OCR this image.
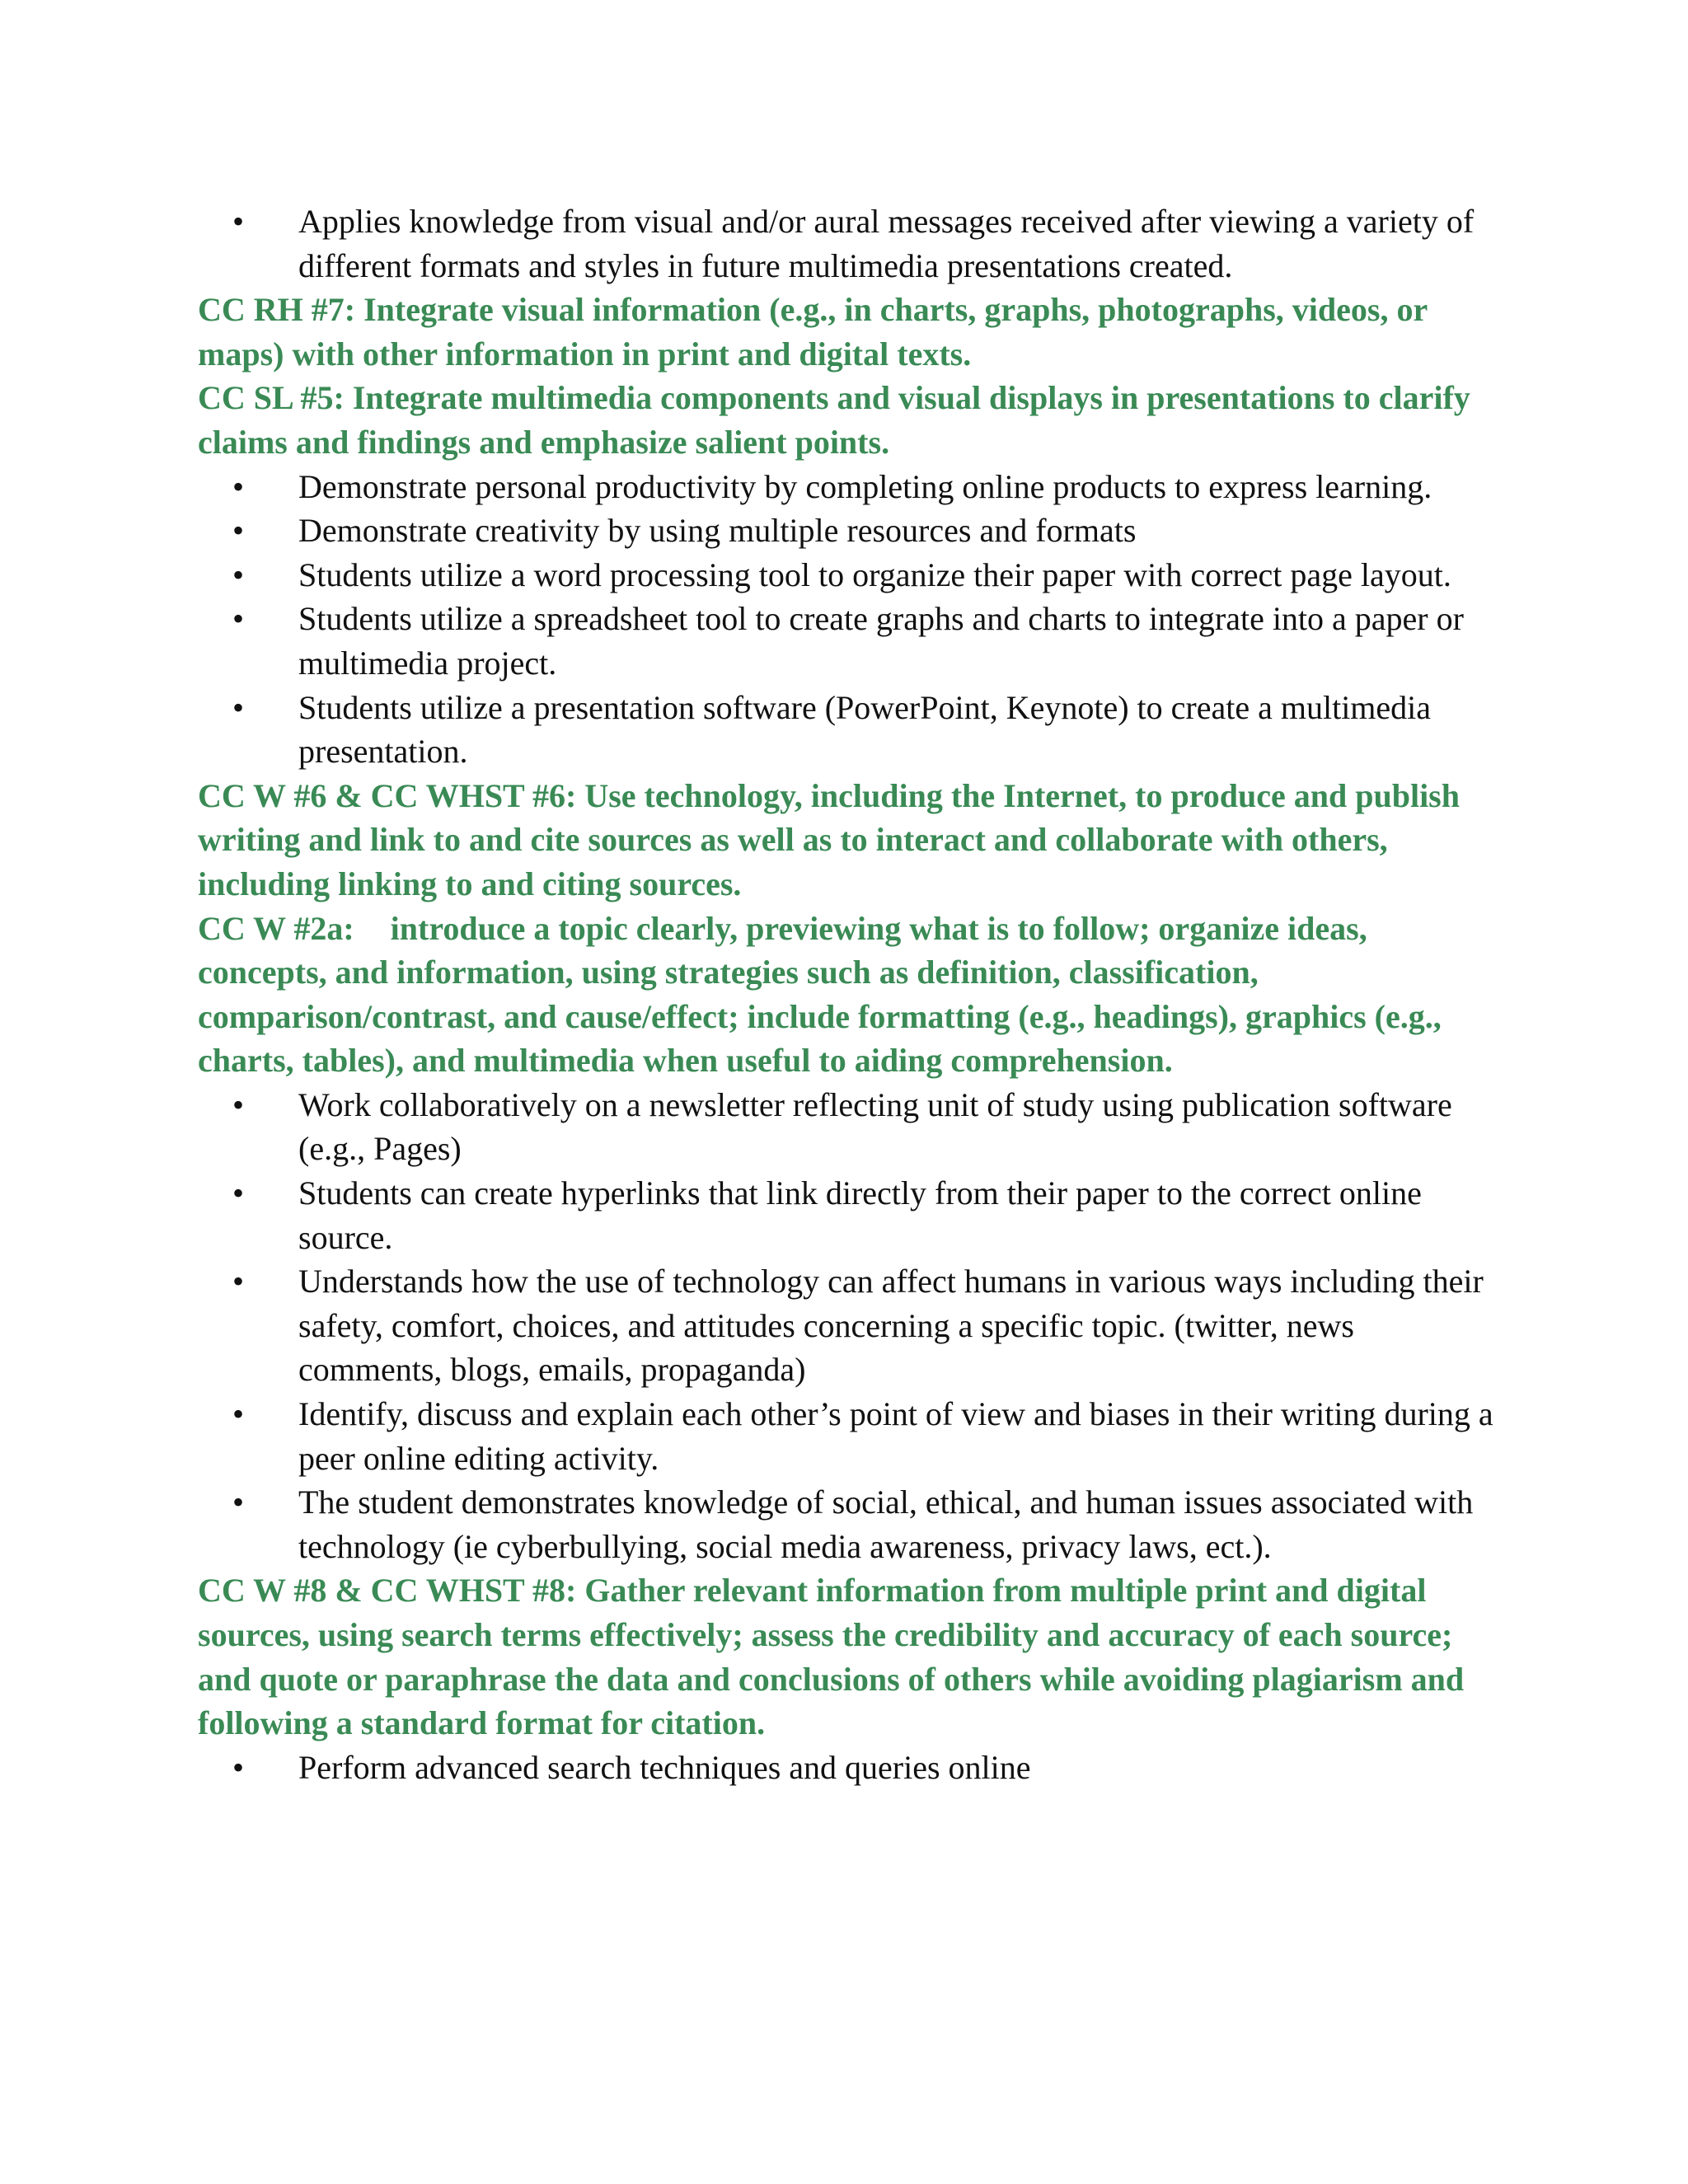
• Applies knowledge from visual and/or aural messages received after viewing a variety of different formats and styles in future multimedia presentations created.

CC RH #7: Integrate visual information (e.g., in charts, graphs, photographs, videos, or maps) with other information in print and digital texts.

CC SL #5: Integrate multimedia components and visual displays in presentations to clarify claims and findings and emphasize salient points.

• Demonstrate personal productivity by completing online products to express learning.
• Demonstrate creativity by using multiple resources and formats
• Students utilize a word processing tool to organize their paper with correct page layout.
• Students utilize a spreadsheet tool to create graphs and charts to integrate into a paper or multimedia project.
• Students utilize a presentation software (PowerPoint, Keynote) to create a multimedia presentation.

CC W #6 & CC WHST #6: Use technology, including the Internet, to produce and publish writing and link to and cite sources as well as to interact and collaborate with others, including linking to and citing sources.

CC W #2a: introduce a topic clearly, previewing what is to follow; organize ideas, concepts, and information, using strategies such as definition, classification, comparison/contrast, and cause/effect; include formatting (e.g., headings), graphics (e.g., charts, tables), and multimedia when useful to aiding comprehension.

• Work collaboratively on a newsletter reflecting unit of study using publication software (e.g., Pages)
• Students can create hyperlinks that link directly from their paper to the correct online source.
• Understands how the use of technology can affect humans in various ways including their safety, comfort, choices, and attitudes concerning a specific topic. (twitter, news comments, blogs, emails, propaganda)
• Identify, discuss and explain each other’s point of view and biases in their writing during a peer online editing activity.
• The student demonstrates knowledge of social, ethical, and human issues associated with technology (ie cyberbullying, social media awareness, privacy laws, ect.).

CC W #8 & CC WHST #8: Gather relevant information from multiple print and digital sources, using search terms effectively; assess the credibility and accuracy of each source; and quote or paraphrase the data and conclusions of others while avoiding plagiarism and following a standard format for citation.

• Perform advanced search techniques and queries online
